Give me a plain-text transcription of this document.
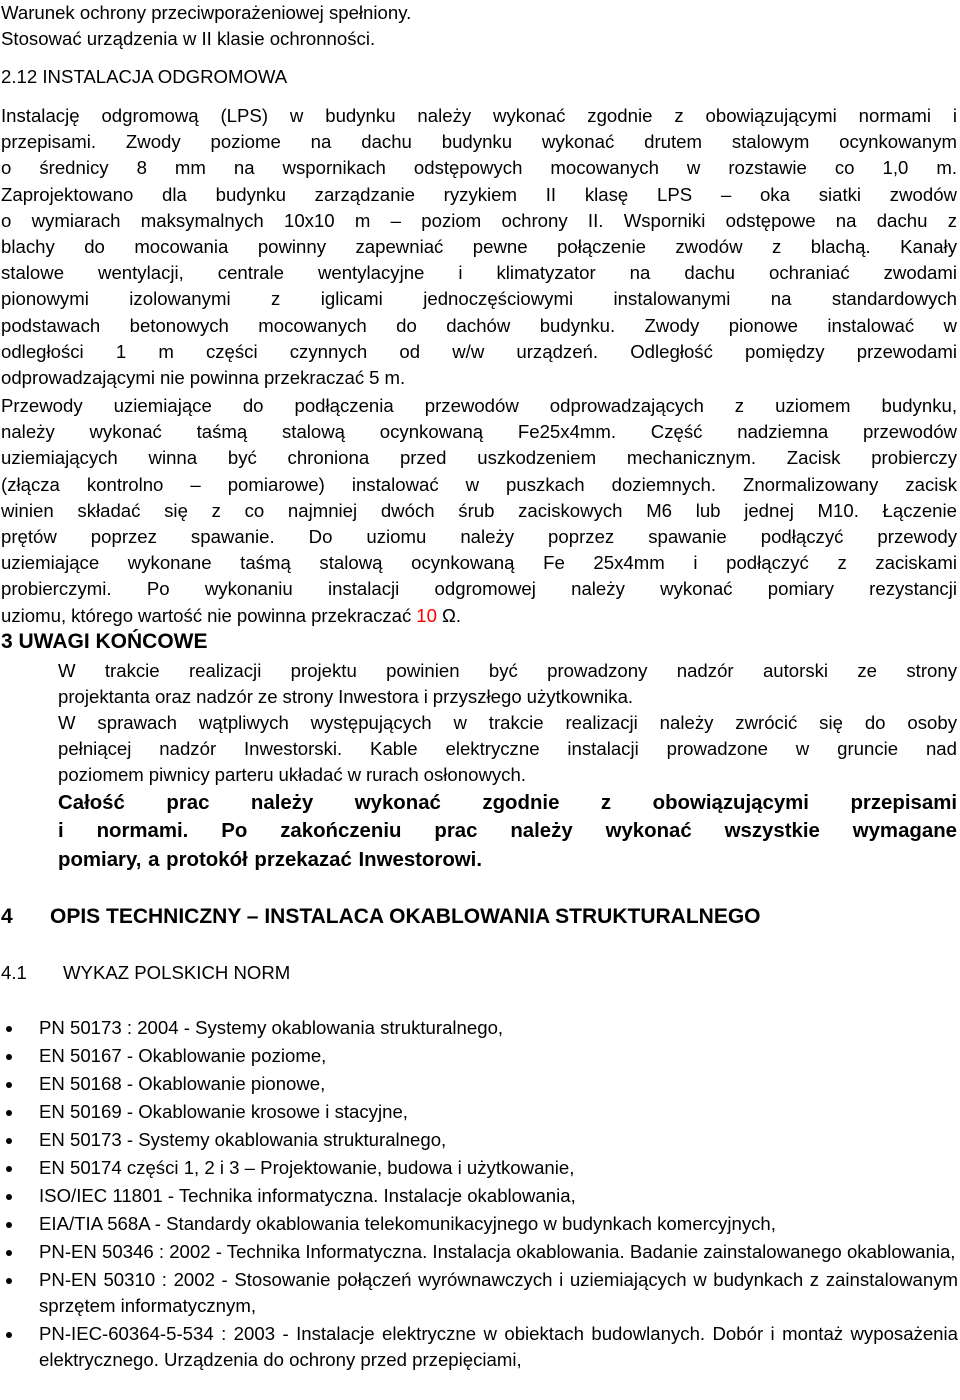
Warunek ochrony przeciwporażeniowej spełniony.
Stosować urządzenia w II klasie ochronności.
2.12 INSTALACJA ODGROMOWA
Instalację odgromową (LPS) w budynku należy wykonać zgodnie z obowiązującymi normami i
przepisami. Zwody poziome na dachu budynku wykonać drutem stalowym ocynkowanym
o średnicy 8 mm na wspornikach odstępowych mocowanych w rozstawie co 1,0 m.
Zaprojektowano dla budynku zarządzanie ryzykiem II klasę LPS – oka siatki zwodów
o wymiarach maksymalnych 10x10 m – poziom ochrony II. Wsporniki odstępowe na dachu z
blachy do mocowania powinny zapewniać pewne połączenie zwodów z blachą. Kanały
stalowe wentylacji, centrale wentylacyjne i klimatyzator na dachu ochraniać zwodami
pionowymi izolowanymi z iglicami jednoczęściowymi instalowanymi na standardowych
podstawach betonowych mocowanych do dachów budynku. Zwody pionowe instalować w
odległości 1 m części czynnych od w/w urządzeń. Odległość pomiędzy przewodami
odprowadzającymi nie powinna przekraczać 5 m.
Przewody uziemiające do podłączenia przewodów odprowadzających z uziomem budynku,
należy wykonać taśmą stalową ocynkowaną Fe25x4mm. Część nadziemna przewodów
uziemiających winna być chroniona przed uszkodzeniem mechanicznym. Zacisk probierczy
(złącza kontrolno – pomiarowe) instalować w puszkach doziemnych. Znormalizowany zacisk
winien składać się z co najmniej dwóch śrub zaciskowych M6 lub jednej M10. Łączenie
prętów poprzez spawanie. Do uziomu należy poprzez spawanie podłączyć przewody
uziemiające wykonane taśmą stalową ocynkowaną Fe 25x4mm i podłączyć z zaciskami
probierczymi. Po wykonaniu instalacji odgromowej należy wykonać pomiary rezystancji
uziomu, którego wartość nie powinna przekraczać 10 Ω.
3 UWAGI KOŃCOWE
W trakcie realizacji projektu powinien być prowadzony nadzór autorski ze strony
projektanta oraz nadzór ze strony Inwestora i przyszłego użytkownika.
W sprawach wątpliwych występujących w trakcie realizacji należy zwrócić się do osoby
pełniącej nadzór Inwestorski. Kable elektryczne instalacji prowadzone w gruncie nad
poziomem piwnicy parteru układać w rurach osłonowych.
Całość prac należy wykonać zgodnie z obowiązującymi przepisami
i normami. Po zakończeniu prac należy wykonać wszystkie wymagane
pomiary, a protokół przekazać Inwestorowi.
4 OPIS TECHNICZNY – INSTALACA OKABLOWANIA STRUKTURALNEGO
4.1 WYKAZ POLSKICH NORM
PN 50173 : 2004 - Systemy okablowania strukturalnego,
EN 50167 - Okablowanie poziome,
EN 50168 - Okablowanie pionowe,
EN 50169 - Okablowanie krosowe i stacyjne,
EN 50173 - Systemy okablowania strukturalnego,
EN 50174 części 1, 2 i 3 – Projektowanie, budowa i użytkowanie,
ISO/IEC 11801 - Technika informatyczna. Instalacje okablowania,
EIA/TIA 568A - Standardy okablowania telekomunikacyjnego w budynkach komercyjnych,
PN-EN 50346 : 2002 - Technika Informatyczna. Instalacja okablowania. Badanie zainstalowanego okablowania,
PN-EN 50310 : 2002 - Stosowanie połączeń wyrównawczych i uziemiających w budynkach z zainstalowanym sprzętem informatycznym,
PN-IEC-60364-5-534 : 2003 - Instalacje elektryczne w obiektach budowlanych. Dobór i montaż wyposażenia elektrycznego. Urządzenia do ochrony przed przepięciami,
